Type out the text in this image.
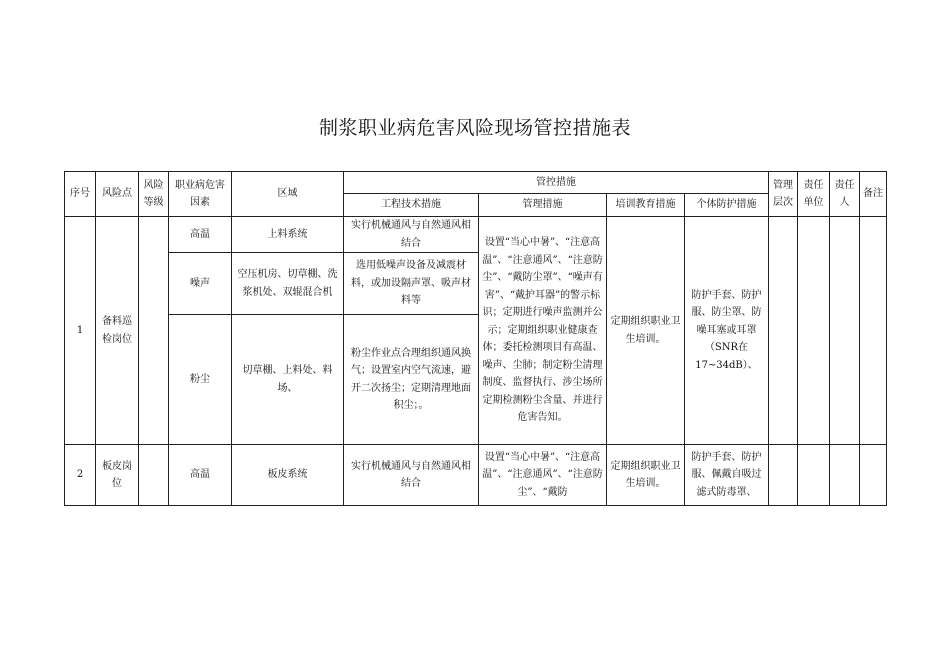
制浆职业病危害风险现场管控措施表
序号	风险点	风险等级	职业病危害因素	区域	管控措施				管理层次	责任单位	责任人	备注
					工程技术措施	管理措施	培训教育措施	个体防护措施				
1	备料巡检岗位		高温	上料系统	实行机械通风与自然通风相结合	设置“当心中暑”、“注意高温”、“注意通风”、“注意防尘”、“戴防尘罩”、“噪声有害”、“戴护耳器”的警示标识；定期进行噪声监测并公示；定期组织职业健康查体；委托检测项目有高温、噪声、尘肺；制定粉尘清理制度、监督执行、涉尘场所定期检测粉尘含量、并进行危害告知。	定期组织职业卫生培训。	防护手套、防护服、防尘罩、防噪耳塞或耳罩（SNR在17~34dB）、				
			噪声	空压机房、切草棚、洗浆机处、双辊混合机	选用低噪声设备及减震材料，或加设隔声罩、吸声材料等							
			粉尘	切草棚、上料处、料场、	粉尘作业点合理组织通风换气；设置室内空气流速，避开二次扬尘；定期清理地面积尘；。							
2	板皮岗位		高温	板皮系统	实行机械通风与自然通风相结合	设置“当心中暑”、“注意高温”、“注意通风”、“注意防尘”、“戴防	定期组织职业卫生培训。	防护手套、防护服、佩戴自吸过滤式防毒罩、				
